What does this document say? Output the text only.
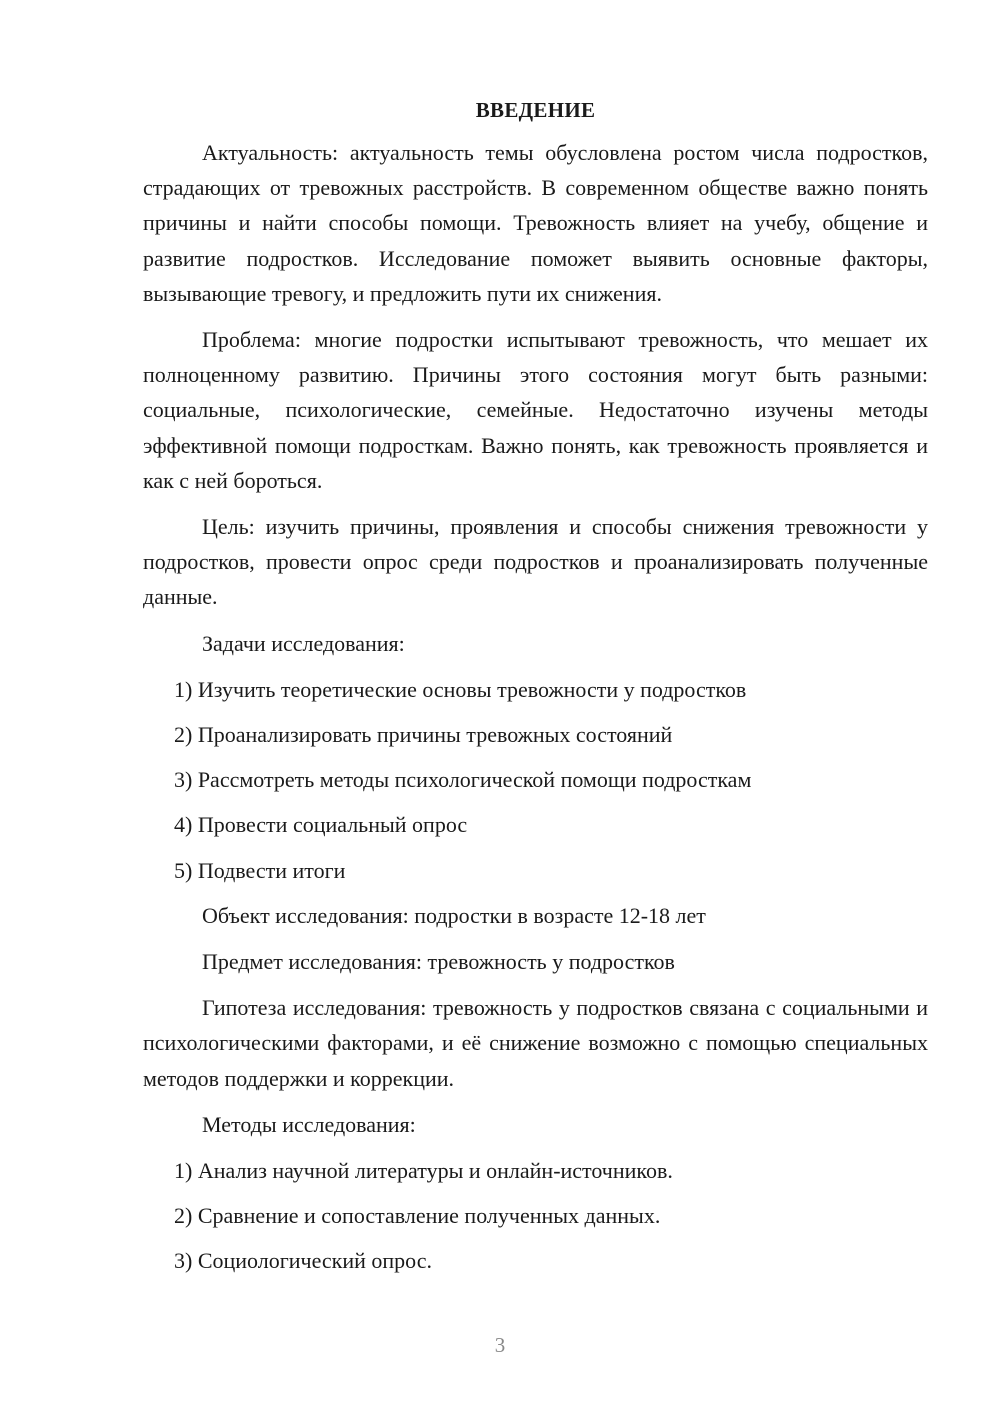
ВВЕДЕНИЕ

Актуальность: актуальность темы обусловлена ростом числа подростков, страдающих от тревожных расстройств. В современном обществе важно понять причины и найти способы помощи. Тревожность влияет на учебу, общение и развитие подростков. Исследование поможет выявить основные факторы, вызывающие тревогу, и предложить пути их снижения.

Проблема: многие подростки испытывают тревожность, что мешает их полноценному развитию. Причины этого состояния могут быть разными: социальные, психологические, семейные. Недостаточно изучены методы эффективной помощи подросткам. Важно понять, как тревожность проявляется и как с ней бороться.

Цель: изучить причины, проявления и способы снижения тревожности у подростков, провести опрос среди подростков и проанализировать полученные данные.

Задачи исследования:

1) Изучить теоретические основы тревожности у подростков
2) Проанализировать причины тревожных состояний
3) Рассмотреть методы психологической помощи подросткам
4) Провести социальный опрос
5) Подвести итоги

Объект исследования: подростки в возрасте 12-18 лет

Предмет исследования: тревожность у подростков

Гипотеза исследования: тревожность у подростков связана с социальными и психологическими факторами, и её снижение возможно с помощью специальных методов поддержки и коррекции.

Методы исследования:

1) Анализ научной литературы и онлайн-источников.
2) Сравнение и сопоставление полученных данных.
3) Социологический опрос.
3
